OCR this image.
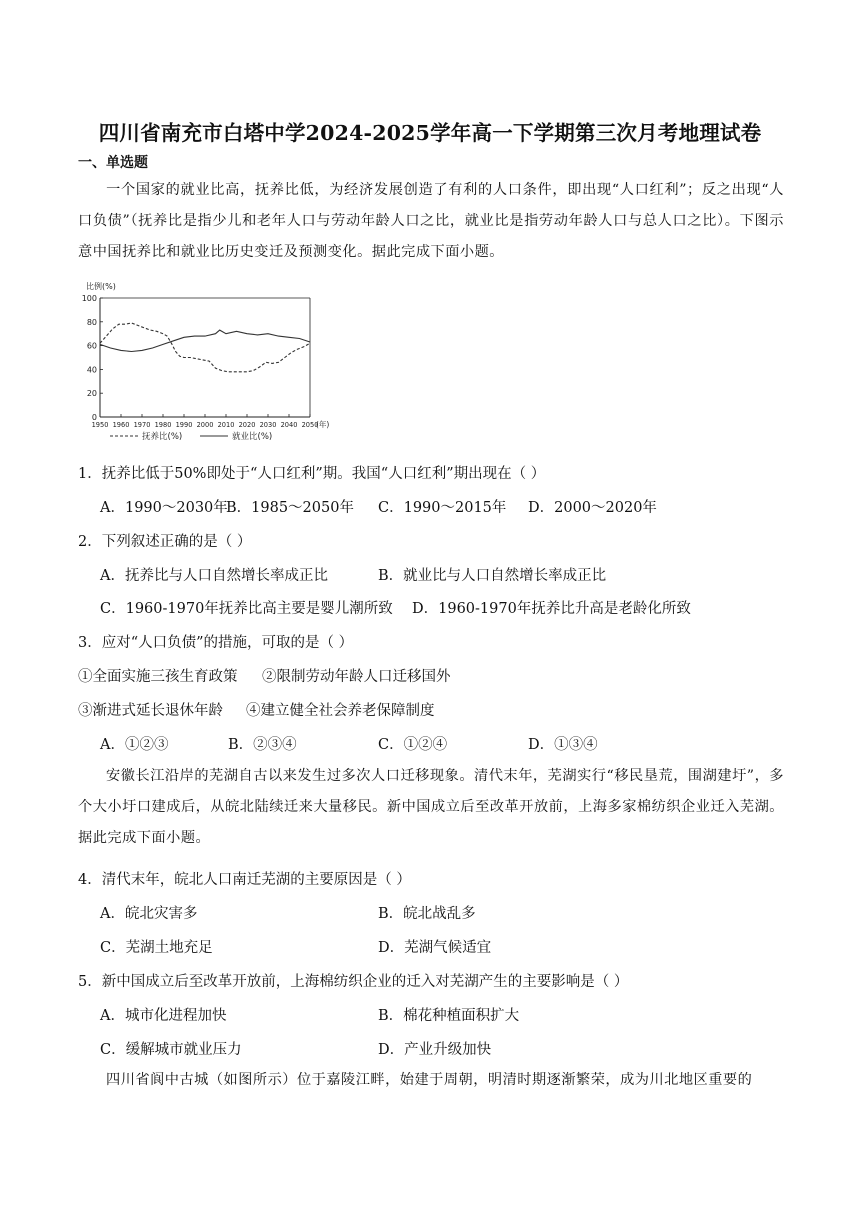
四川省南充市白塔中学2024-2025学年高一下学期第三次月考地理试卷
一、单选题
一个国家的就业比高，抚养比低，为经济发展创造了有利的人口条件，即出现“人口红利”；反之出现“人口负债”（抚养比是指少儿和老年人口与劳动年龄人口之比，就业比是指劳动年龄人口与总人口之比）。下图示意中国抚养比和就业比历史变迁及预测变化。据此完成下面小题。
比例(%)
0
20
40
60
80
100
1950 1960 1970 1980 1990 2000 2010 2020 2030 2040 2050
(年)
抚养比(%)	就业比(%)
1．抚养比低于50%即处于“人口红利”期。我国“人口红利”期出现在（ ）
A．1990～2030年
B．1985～2050年 C．1990～2015年 D．2000～2020年
2．下列叙述正确的是（ ）
A．抚养比与人口自然增长率成正比	B．就业比与人口自然增长率成正比
C．1960-1970年抚养比高主要是婴儿潮所致 D．1960-1970年抚养比升高是老龄化所致
3．应对“人口负债”的措施，可取的是（ ）
①全面实施三孩生育政策 ②限制劳动年龄人口迁移国外
③渐进式延长退休年龄 ④建立健全社会养老保障制度
A．①②③	B．②③④	C．①②④	D．①③④
安徽长江沿岸的芜湖自古以来发生过多次人口迁移现象。清代末年，芜湖实行“移民垦荒，围湖建圩”，多个大小圩口建成后，从皖北陆续迁来大量移民。新中国成立后至改革开放前，上海多家棉纺织企业迁入芜湖。据此完成下面小题。
4．清代末年，皖北人口南迁芜湖的主要原因是（ ）
A．皖北灾害多	B．皖北战乱多
C．芜湖土地充足	D．芜湖气候适宜
5．新中国成立后至改革开放前，上海棉纺织企业的迁入对芜湖产生的主要影响是（ ）
A．城市化进程加快	B．棉花种植面积扩大
C．缓解城市就业压力	D．产业升级加快
四川省阆中古城（如图所示）位于嘉陵江畔，始建于周朝，明清时期逐渐繁荣，成为川北地区重要的
